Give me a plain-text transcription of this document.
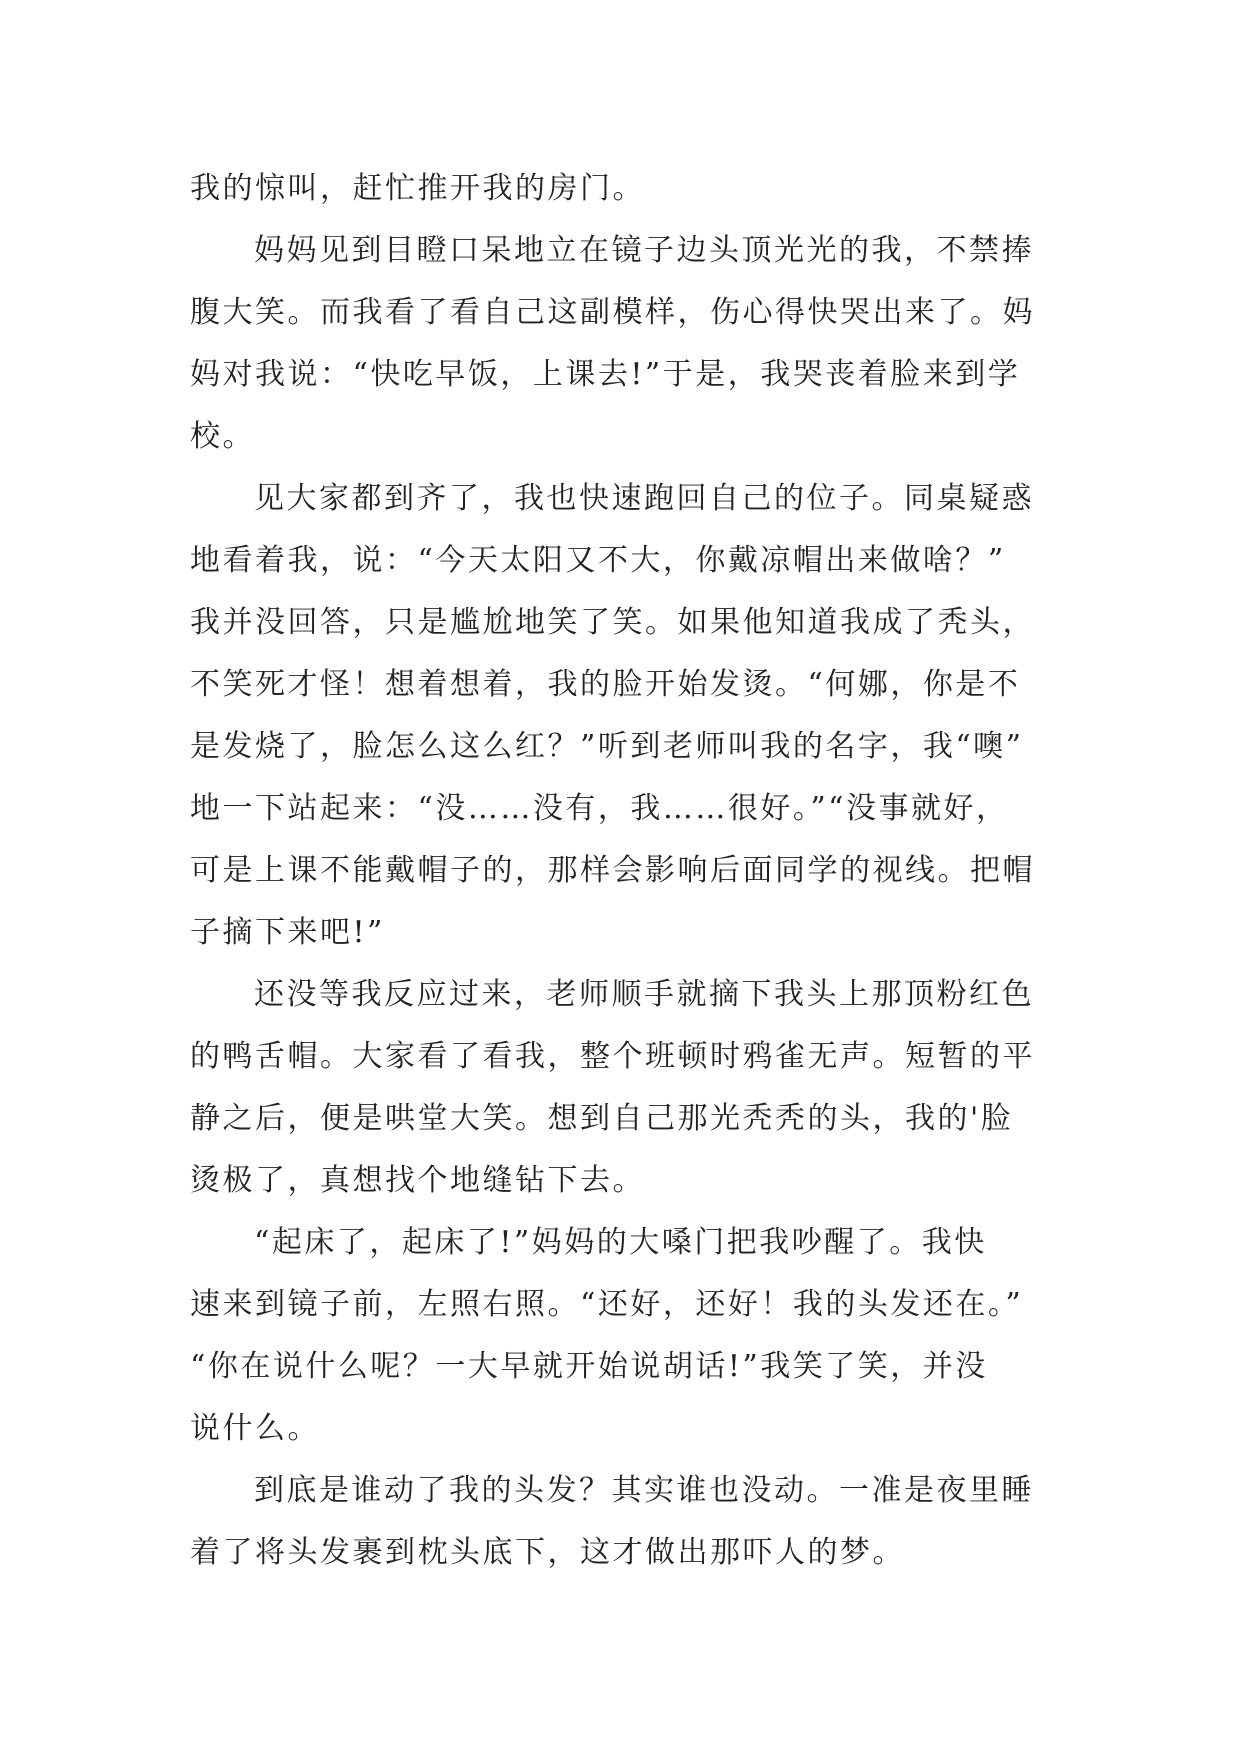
我的惊叫，赶忙推开我的房门。
妈妈见到目瞪口呆地立在镜子边头顶光光的我，不禁捧
腹大笑。而我看了看自己这副模样，伤心得快哭出来了。妈
妈对我说：“快吃早饭，上课去!”于是，我哭丧着脸来到学
校。
见大家都到齐了，我也快速跑回自己的位子。同桌疑惑
地看着我，说：“今天太阳又不大，你戴凉帽出来做啥？”
我并没回答，只是尴尬地笑了笑。如果他知道我成了秃头，
不笑死才怪！想着想着，我的脸开始发烫。“何娜，你是不
是发烧了，脸怎么这么红？”听到老师叫我的名字，我“噢”
地一下站起来：“没……没有，我……很好。”“没事就好，
可是上课不能戴帽子的，那样会影响后面同学的视线。把帽
子摘下来吧!”
还没等我反应过来，老师顺手就摘下我头上那顶粉红色
的鸭舌帽。大家看了看我，整个班顿时鸦雀无声。短暂的平
静之后，便是哄堂大笑。想到自己那光秃秃的头，我的'脸
烫极了，真想找个地缝钻下去。
“起床了，起床了!”妈妈的大嗓门把我吵醒了。我快
速来到镜子前，左照右照。“还好，还好！我的头发还在。”
“你在说什么呢？一大早就开始说胡话!”我笑了笑，并没
说什么。
到底是谁动了我的头发？其实谁也没动。一准是夜里睡
着了将头发裹到枕头底下，这才做出那吓人的梦。
